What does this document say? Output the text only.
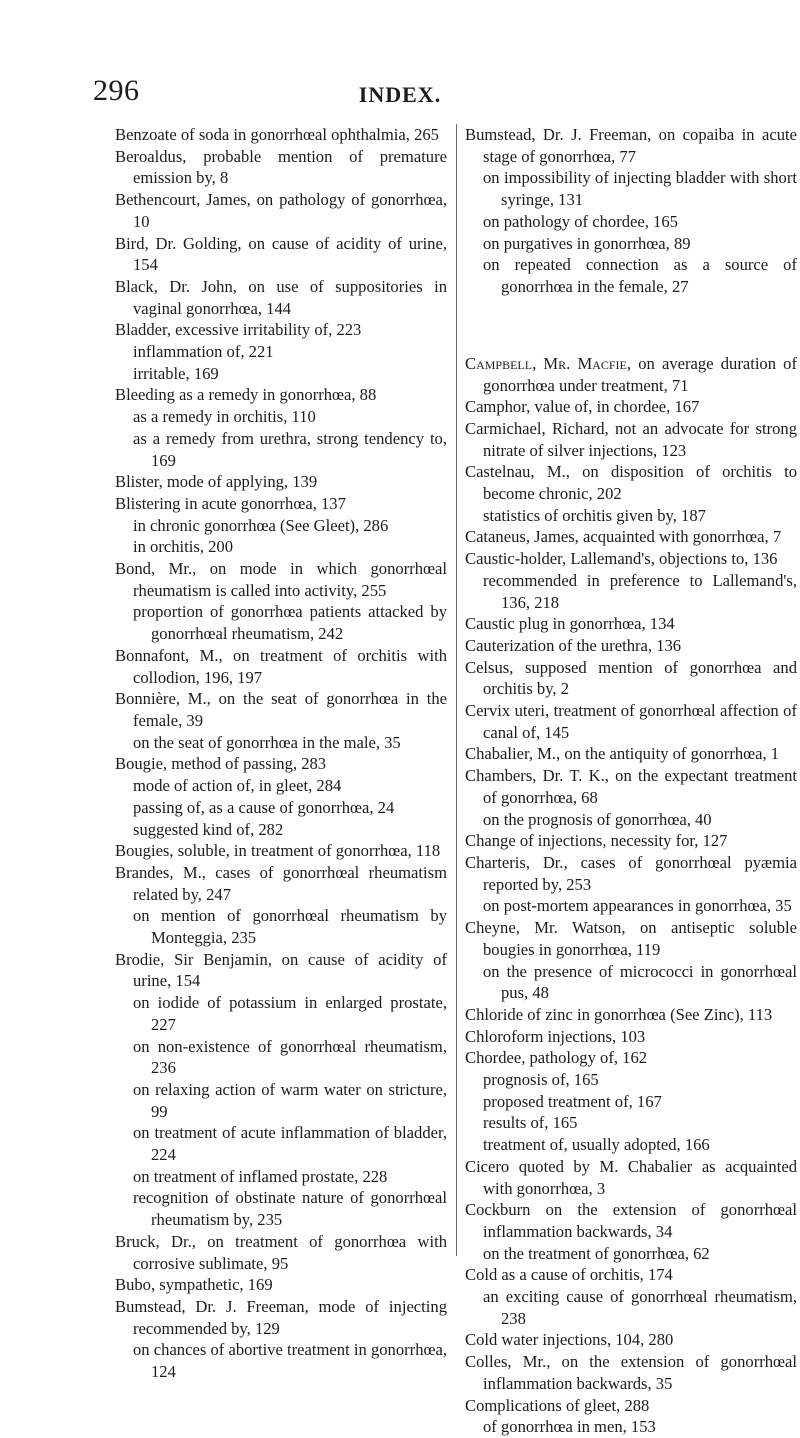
296	INDEX.

Benzoate of soda in gonorrhœal ophthalmia, 265

Beroaldus, probable mention of premature emission by, 8

Bethencourt, James, on pathology of gonorrhœa, 10

Bird, Dr. Golding, on cause of acidity of urine, 154

Black, Dr. John, on use of suppositories in vaginal gonorrhœa, 144

Bladder, excessive irritability of, 223

inflammation of, 221

irritable, 169

Bleeding as a remedy in gonorrhœa, 88

as a remedy in orchitis, 110

as a remedy from urethra, strong tendency to, 169

Blister, mode of applying, 139

Blistering in acute gonorrhœa, 137

in chronic gonorrhœa (See Gleet), 286

in orchitis, 200

Bond, Mr., on mode in which gonorrhœal rheumatism is called into activity, 255

proportion of gonorrhœa patients attacked by gonorrhœal rheumatism, 242

Bonnafont, M., on treatment of orchitis with collodion, 196, 197

Bonnière, M., on the seat of gonorrhœa in the female, 39

on the seat of gonorrhœa in the male, 35

Bougie, method of passing, 283

mode of action of, in gleet, 284

passing of, as a cause of gonorrhœa, 24

suggested kind of, 282

Bougies, soluble, in treatment of gonorrhœa, 118

Brandes, M., cases of gonorrhœal rheumatism related by, 247

on mention of gonorrhœal rheumatism by Monteggia, 235

Brodie, Sir Benjamin, on cause of acidity of urine, 154

on iodide of potassium in enlarged prostate, 227

on non-existence of gonorrhœal rheumatism, 236

on relaxing action of warm water on stricture, 99

on treatment of acute inflammation of bladder, 224

on treatment of inflamed prostate, 228

recognition of obstinate nature of gonorrhœal rheumatism by, 235

Bruck, Dr., on treatment of gonorrhœa with corrosive sublimate, 95

Bubo, sympathetic, 169

Bumstead, Dr. J. Freeman, mode of injecting recommended by, 129

on chances of abortive treatment in gonorrhœa, 124

Bumstead, Dr. J. Freeman, on copaiba in acute stage of gonorrhœa, 77

on impossibility of injecting bladder with short syringe, 131

on pathology of chordee, 165

on purgatives in gonorrhœa, 89

on repeated connection as a source of gonorrhœa in the female, 27

Campbell, Mr. Macfie, on average duration of gonorrhœa under treatment, 71

Camphor, value of, in chordee, 167

Carmichael, Richard, not an advocate for strong nitrate of silver injections, 123

Castelnau, M., on disposition of orchitis to become chronic, 202

statistics of orchitis given by, 187

Cataneus, James, acquainted with gonorrhœa, 7

Caustic-holder, Lallemand's, objections to, 136

recommended in preference to Lallemand's, 136, 218

Caustic plug in gonorrhœa, 134

Cauterization of the urethra, 136

Celsus, supposed mention of gonorrhœa and orchitis by, 2

Cervix uteri, treatment of gonorrhœal affection of canal of, 145

Chabalier, M., on the antiquity of gonorrhœa, 1

Chambers, Dr. T. K., on the expectant treatment of gonorrhœa, 68

on the prognosis of gonorrhœa, 40

Change of injections, necessity for, 127

Charteris, Dr., cases of gonorrhœal pyæmia reported by, 253

on post-mortem appearances in gonorrhœa, 35

Cheyne, Mr. Watson, on antiseptic soluble bougies in gonorrhœa, 119

on the presence of micrococci in gonorrhœal pus, 48

Chloride of zinc in gonorrhœa (See Zinc), 113

Chloroform injections, 103

Chordee, pathology of, 162

prognosis of, 165

proposed treatment of, 167

results of, 165

treatment of, usually adopted, 166

Cicero quoted by M. Chabalier as acquainted with gonorrhœa, 3

Cockburn on the extension of gonorrhœal inflammation backwards, 34

on the treatment of gonorrhœa, 62

Cold as a cause of orchitis, 174

an exciting cause of gonorrhœal rheumatism, 238

Cold water injections, 104, 280

Colles, Mr., on the extension of gonorrhœal inflammation backwards, 35

Complications of gleet, 288

of gonorrhœa in men, 153
